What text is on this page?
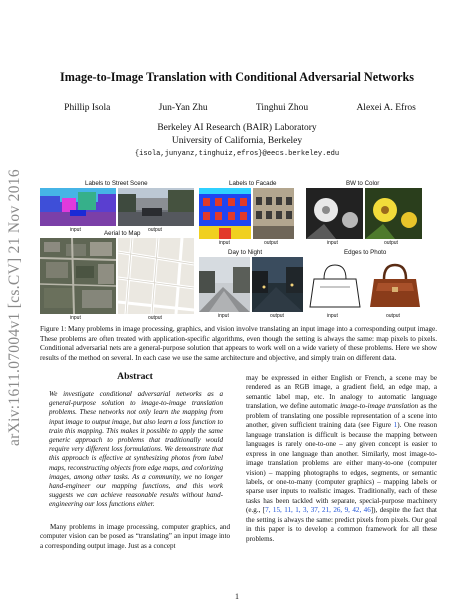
arXiv:1611.07004v1 [cs.CV] 21 Nov 2016
Image-to-Image Translation with Conditional Adversarial Networks
Phillip Isola	Jun-Yan Zhu	Tinghui Zhou	Alexei A. Efros
Berkeley AI Research (BAIR) Laboratory
University of California, Berkeley
{isola,junyanz,tinghuiz,efros}@eecs.berkeley.edu
Labels to Street Scene
input	output
Aerial to Map
input	output
Labels to Facade
input	output
BW to Color
input	output
Day to Night
input	output
Edges to Photo
input	output
Figure 1: Many problems in image processing, graphics, and vision involve translating an input image into a corresponding output image. These problems are often treated with application-specific algorithms, even though the setting is always the same: map pixels to pixels. Conditional adversarial nets are a general-purpose solution that appears to work well on a wide variety of these problems. Here we show results of the method on several. In each case we use the same architecture and objective, and simply train on different data.
Abstract
We investigate conditional adversarial networks as a general-purpose solution to image-to-image translation problems. These networks not only learn the mapping from input image to output image, but also learn a loss function to train this mapping. This makes it possible to apply the same generic approach to problems that traditionally would require very different loss formulations. We demonstrate that this approach is effective at synthesizing photos from label maps, reconstructing objects from edge maps, and colorizing images, among other tasks. As a community, we no longer hand-engineer our mapping functions, and this work suggests we can achieve reasonable results without hand-engineering our loss functions either.
Many problems in image processing, computer graphics, and computer vision can be posed as “translating” an input image into a corresponding output image. Just as a concept
may be expressed in either English or French, a scene may be rendered as an RGB image, a gradient field, an edge map, a semantic label map, etc. In analogy to automatic language translation, we define automatic image-to-image translation as the problem of translating one possible representation of a scene into another, given sufficient training data (see Figure 1). One reason language translation is difficult is because the mapping between languages is rarely one-to-one – any given concept is easier to express in one language than another. Similarly, most image-to-image translation problems are either many-to-one (computer vision) – mapping photographs to edges, segments, or semantic labels, or one-to-many (computer graphics) – mapping labels or sparse user inputs to realistic images. Traditionally, each of these tasks has been tackled with separate, special-purpose machinery (e.g., [7, 15, 11, 1, 3, 37, 21, 26, 9, 42, 46]), despite the fact that the setting is always the same: predict pixels from pixels. Our goal in this paper is to develop a common framework for all these problems.
1
